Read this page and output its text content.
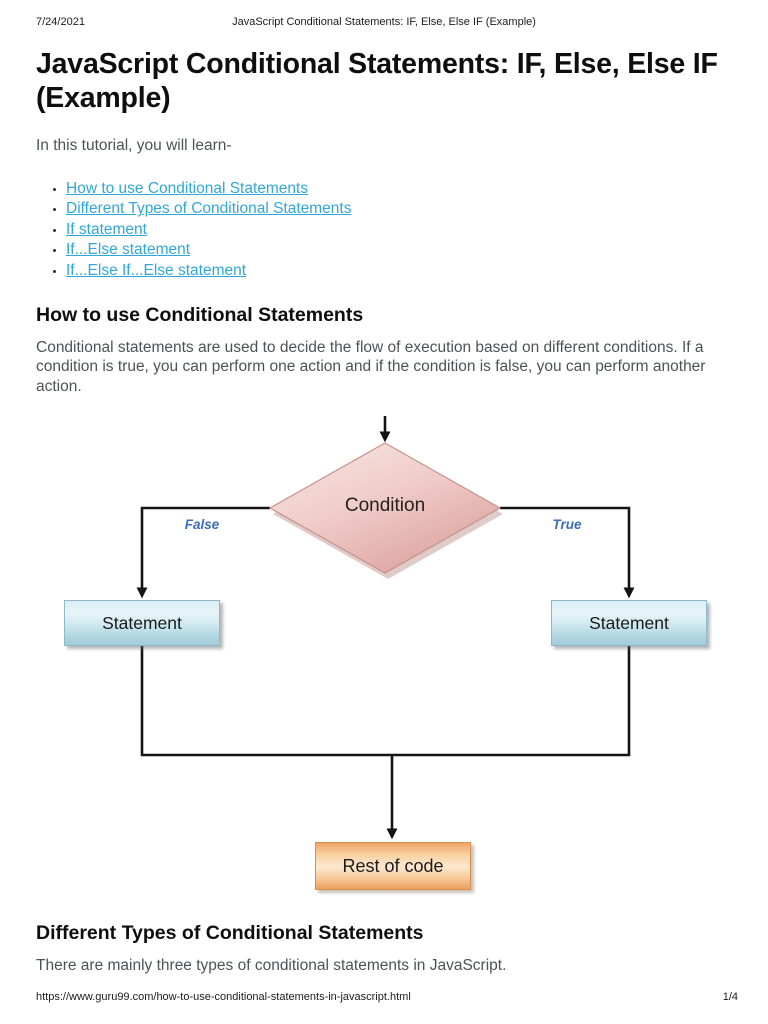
7/24/2021	JavaScript Conditional Statements: IF, Else, Else IF (Example)
JavaScript Conditional Statements: IF, Else, Else IF (Example)

In this tutorial, you will learn-

• How to use Conditional Statements
• Different Types of Conditional Statements
• If statement
• If...Else statement
• If...Else If...Else statement
How to use Conditional Statements

Conditional statements are used to decide the flow of execution based on different conditions. If a condition is true, you can perform one action and if the condition is false, you can perform another action.

Condition
False	True
Statement	Statement
Rest of code
Different Types of Conditional Statements

There are mainly three types of conditional statements in JavaScript.

https://www.guru99.com/how-to-use-conditional-statements-in-javascript.html	1/4
